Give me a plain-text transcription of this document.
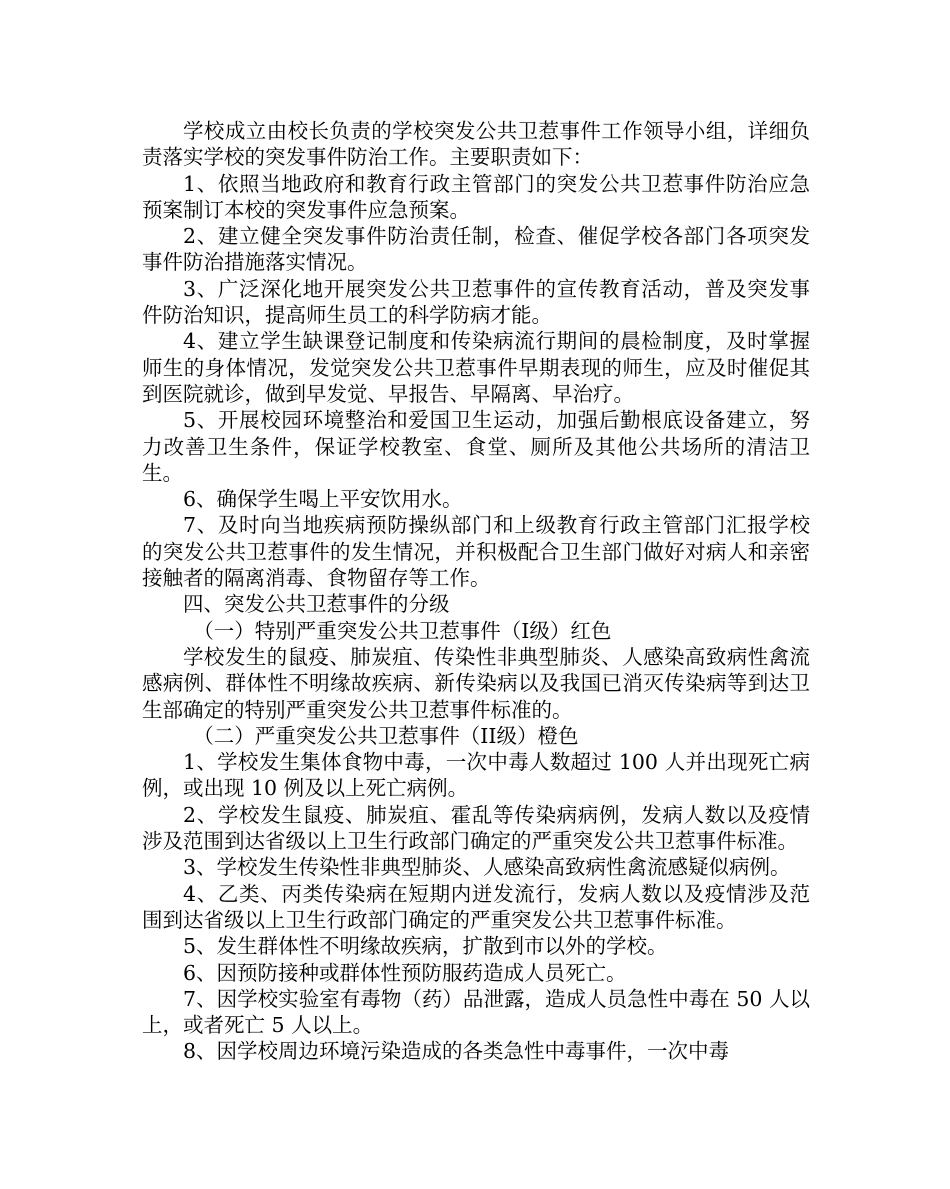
学校成立由校长负责的学校突发公共卫惹事件工作领导小组，详细负责落实学校的突发事件防治工作。主要职责如下：

1、依照当地政府和教育行政主管部门的突发公共卫惹事件防治应急预案制订本校的突发事件应急预案。

2、建立健全突发事件防治责任制，检查、催促学校各部门各项突发事件防治措施落实情况。

3、广泛深化地开展突发公共卫惹事件的宣传教育活动，普及突发事件防治知识，提高师生员工的科学防病才能。

4、建立学生缺课登记制度和传染病流行期间的晨检制度，及时掌握师生的身体情况，发觉突发公共卫惹事件早期表现的师生，应及时催促其到医院就诊，做到早发觉、早报告、早隔离、早治疗。

5、开展校园环境整治和爱国卫生运动，加强后勤根底设备建立，努力改善卫生条件，保证学校教室、食堂、厕所及其他公共场所的清洁卫生。

6、确保学生喝上平安饮用水。

7、及时向当地疾病预防操纵部门和上级教育行政主管部门汇报学校的突发公共卫惹事件的发生情况，并积极配合卫生部门做好对病人和亲密接触者的隔离消毒、食物留存等工作。

四、突发公共卫惹事件的分级

（一）特别严重突发公共卫惹事件（Ⅰ级）红色

学校发生的鼠疫、肺炭疽、传染性非典型肺炎、人感染高致病性禽流感病例、群体性不明缘故疾病、新传染病以及我国已消灭传染病等到达卫生部确定的特别严重突发公共卫惹事件标准的。

（二）严重突发公共卫惹事件（II级）橙色

1、学校发生集体食物中毒，一次中毒人数超过 100 人并出现死亡病例，或出现 10 例及以上死亡病例。

2、学校发生鼠疫、肺炭疽、霍乱等传染病病例，发病人数以及疫情涉及范围到达省级以上卫生行政部门确定的严重突发公共卫惹事件标准。

3、学校发生传染性非典型肺炎、人感染高致病性禽流感疑似病例。

4、乙类、丙类传染病在短期内迸发流行，发病人数以及疫情涉及范围到达省级以上卫生行政部门确定的严重突发公共卫惹事件标准。

5、发生群体性不明缘故疾病，扩散到市以外的学校。

6、因预防接种或群体性预防服药造成人员死亡。

7、因学校实验室有毒物（药）品泄露，造成人员急性中毒在 50 人以上，或者死亡 5 人以上。

8、因学校周边环境污染造成的各类急性中毒事件，一次中毒
